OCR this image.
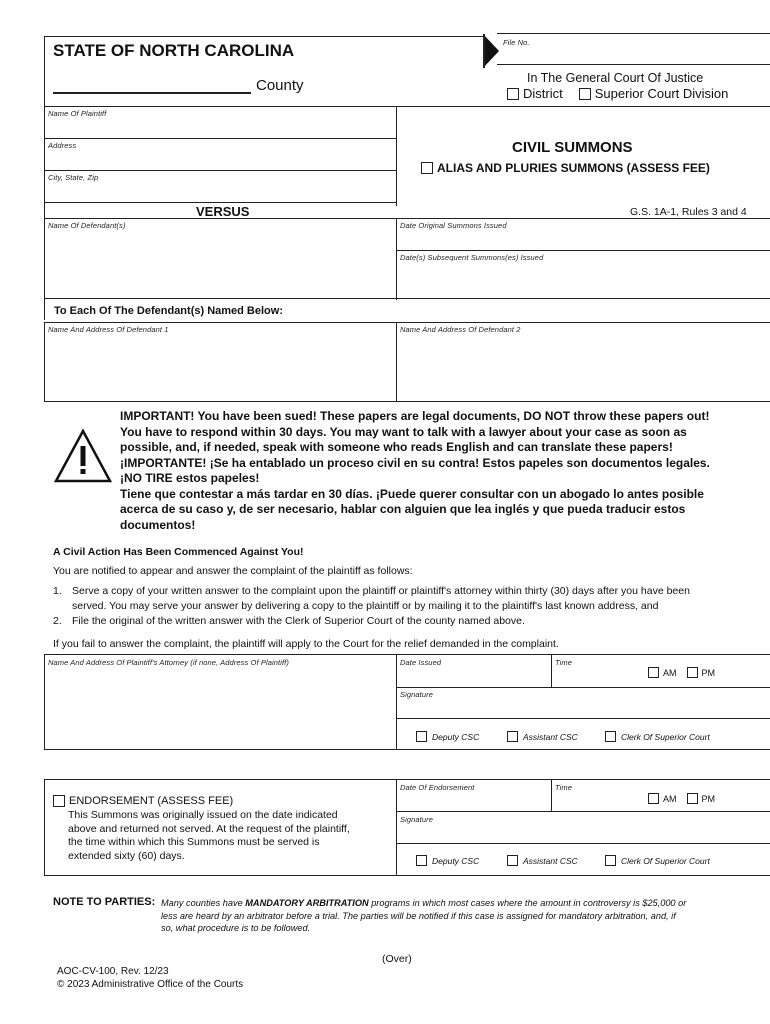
STATE OF NORTH CAROLINA
County
File No.
In The General Court Of Justice
District Superior Court Division
Name Of Plaintiff
Address
City, State, Zip
CIVIL SUMMONS
ALIAS AND PLURIES SUMMONS (ASSESS FEE)
VERSUS	G.S. 1A-1, Rules 3 and 4
Name Of Defendant(s)	Date Original Summons Issued
Date(s) Subsequent Summons(es) Issued
To Each Of The Defendant(s) Named Below:
Name And Address Of Defendant 1	Name And Address Of Defendant 2
IMPORTANT! You have been sued! These papers are legal documents, DO NOT throw these papers out!
You have to respond within 30 days. You may want to talk with a lawyer about your case as soon as
possible, and, if needed, speak with someone who reads English and can translate these papers!
¡IMPORTANTE! ¡Se ha entablado un proceso civil en su contra! Estos papeles son documentos legales.
¡NO TIRE estos papeles!
Tiene que contestar a más tardar en 30 días. ¡Puede querer consultar con un abogado lo antes posible
acerca de su caso y, de ser necesario, hablar con alguien que lea inglés y que pueda traducir estos
documentos!
A Civil Action Has Been Commenced Against You!
You are notified to appear and answer the complaint of the plaintiff as follows:
1. Serve a copy of your written answer to the complaint upon the plaintiff or plaintiff's attorney within thirty (30) days after you have been
served. You may serve your answer by delivering a copy to the plaintiff or by mailing it to the plaintiff's last known address, and
2. File the original of the written answer with the Clerk of Superior Court of the county named above.
If you fail to answer the complaint, the plaintiff will apply to the Court for the relief demanded in the complaint.
Name And Address Of Plaintiff's Attorney (if none, Address Of Plaintiff)	Date Issued	Time
AM	PM
Signature
Deputy CSC	Assistant CSC	Clerk Of Superior Court
ENDORSEMENT (ASSESS FEE)
This Summons was originally issued on the date indicated
above and returned not served. At the request of the plaintiff,
the time within which this Summons must be served is
extended sixty (60) days.
Date Of Endorsement	Time
AM	PM
Signature
Deputy CSC	Assistant CSC	Clerk Of Superior Court
NOTE TO PARTIES: Many counties have MANDATORY ARBITRATION programs in which most cases where the amount in controversy is $25,000 or
less are heard by an arbitrator before a trial. The parties will be notified if this case is assigned for mandatory arbitration, and, if
so, what procedure is to be followed.
(Over)
AOC-CV-100, Rev. 12/23
© 2023 Administrative Office of the Courts
